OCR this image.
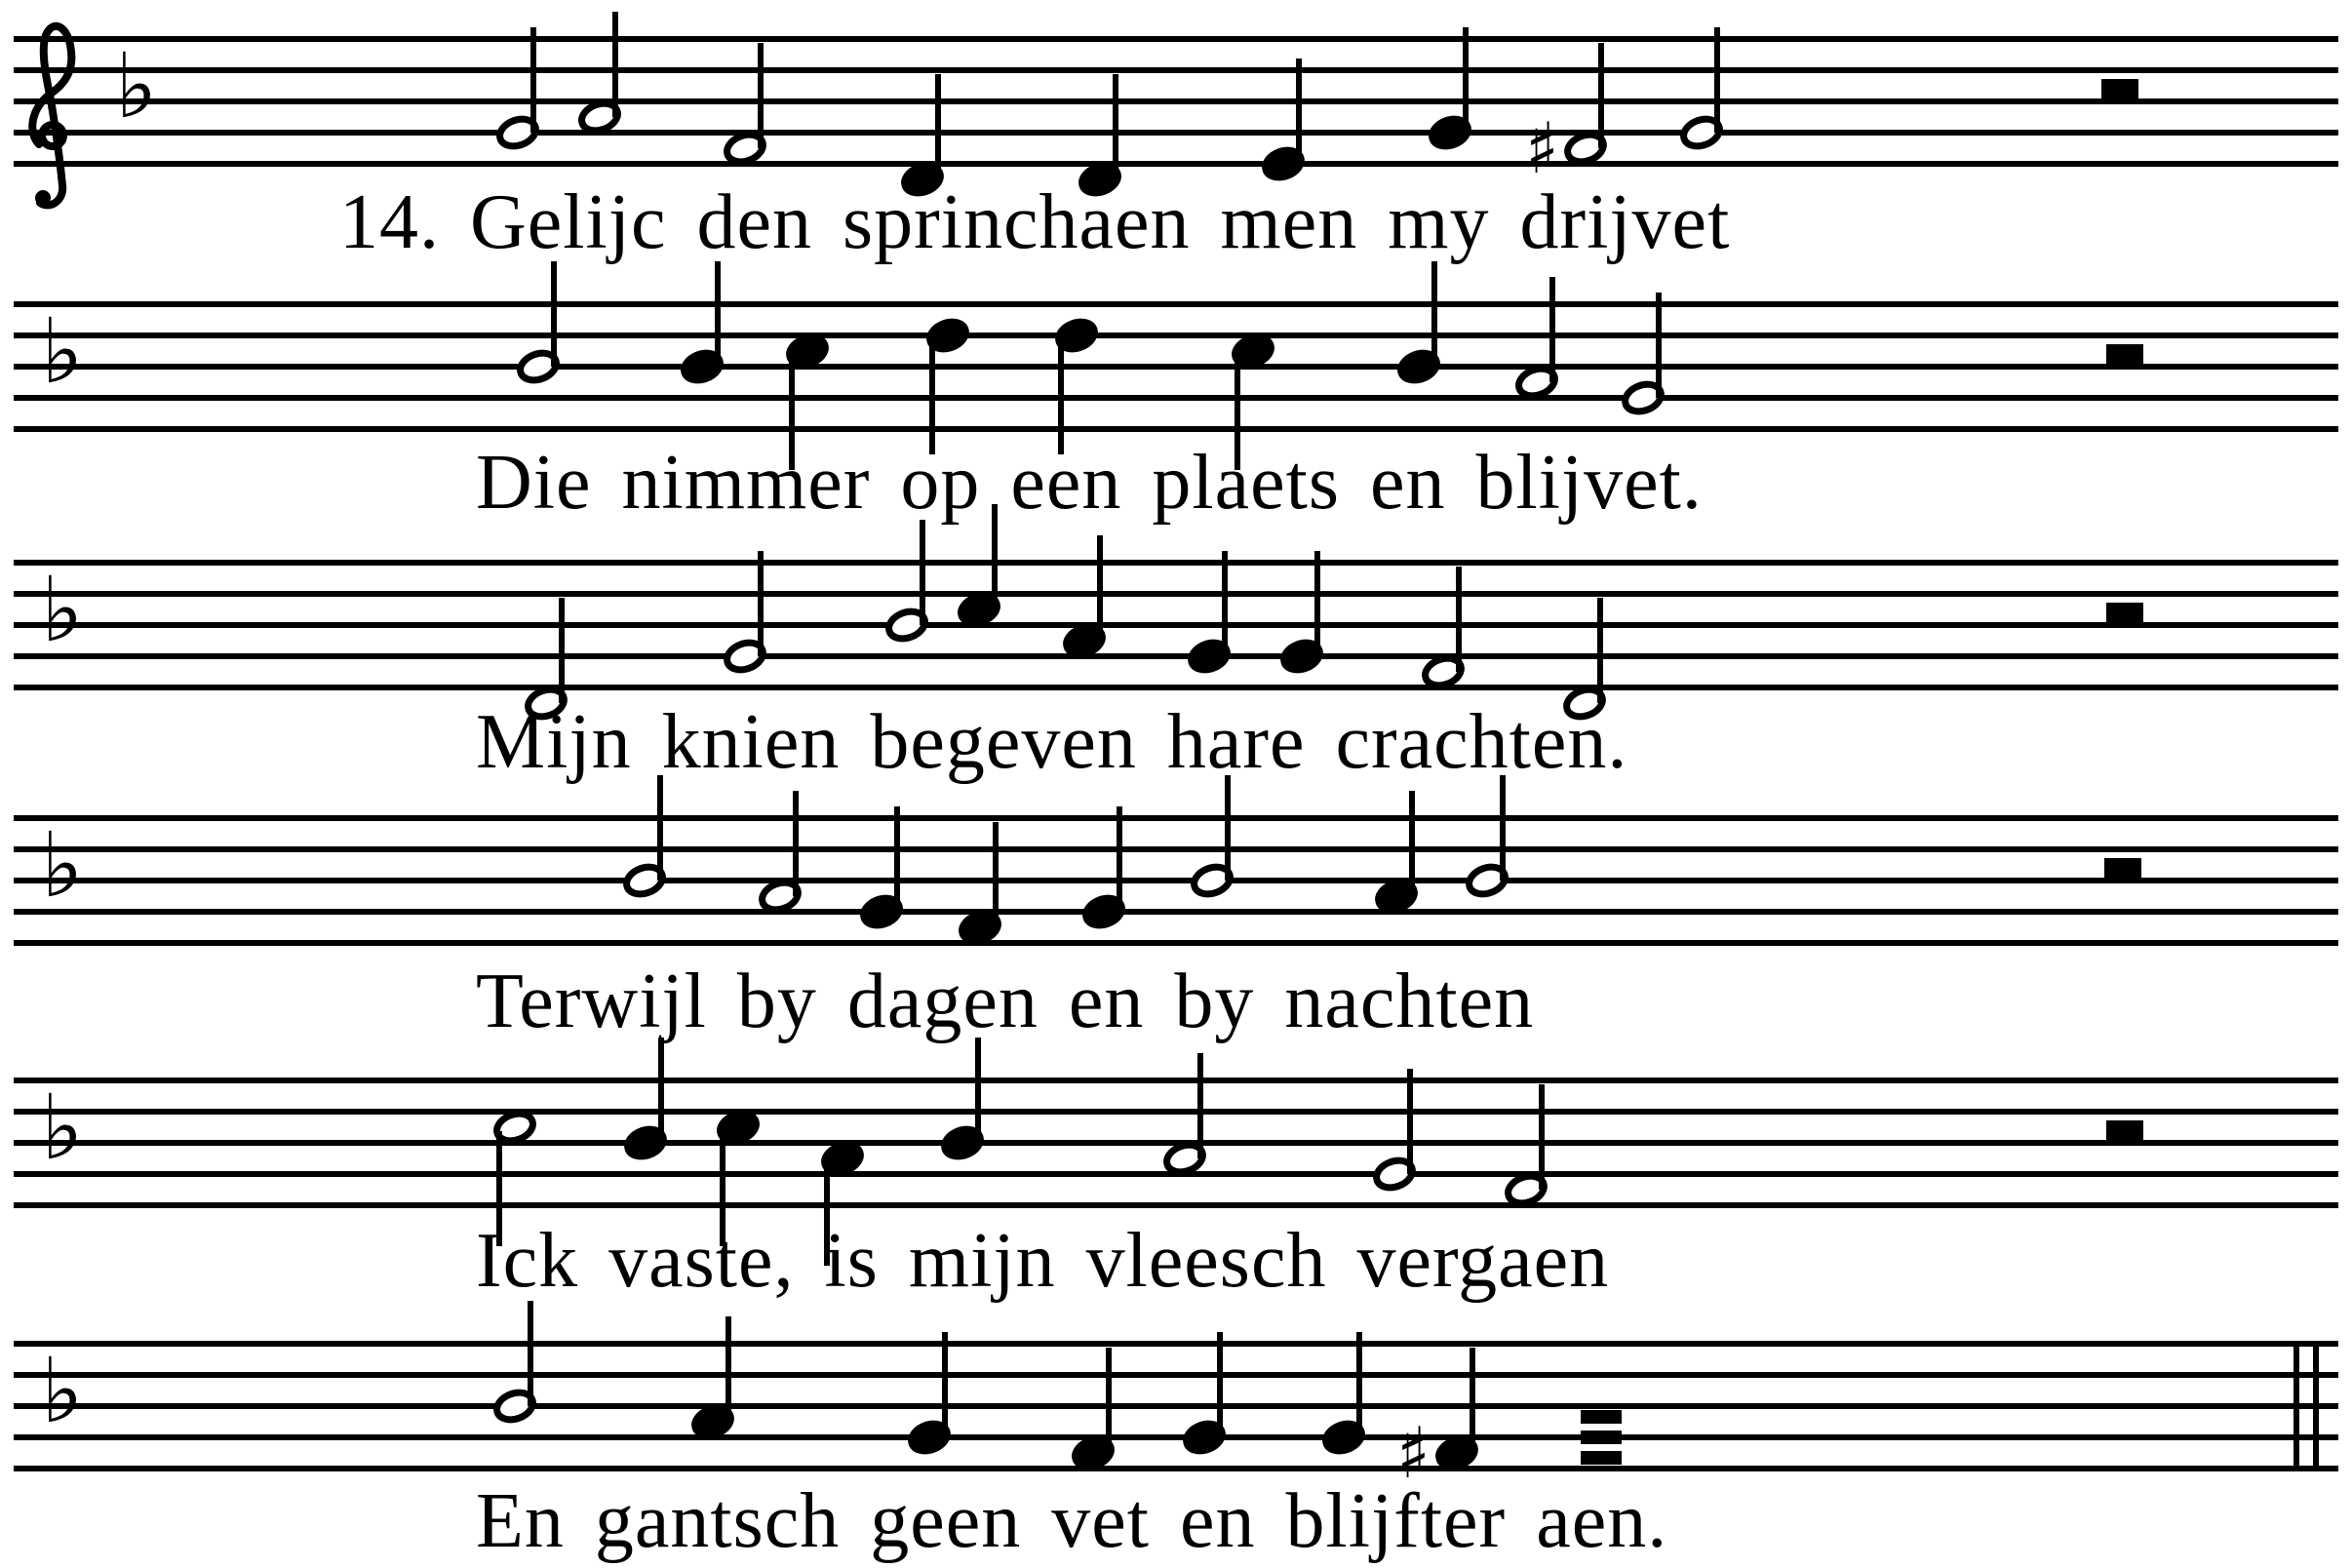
♭
♯
♭
♭
♭
♭
♭
♯
14. Gelijc den sprinchaen men my drijvet
Die nimmer op een plaets en blijvet.
Mijn knien begeven hare crachten.
Terwijl by dagen en by nachten
Ick vaste, is mijn vleesch vergaen
En gantsch geen vet en blijfter aen.
